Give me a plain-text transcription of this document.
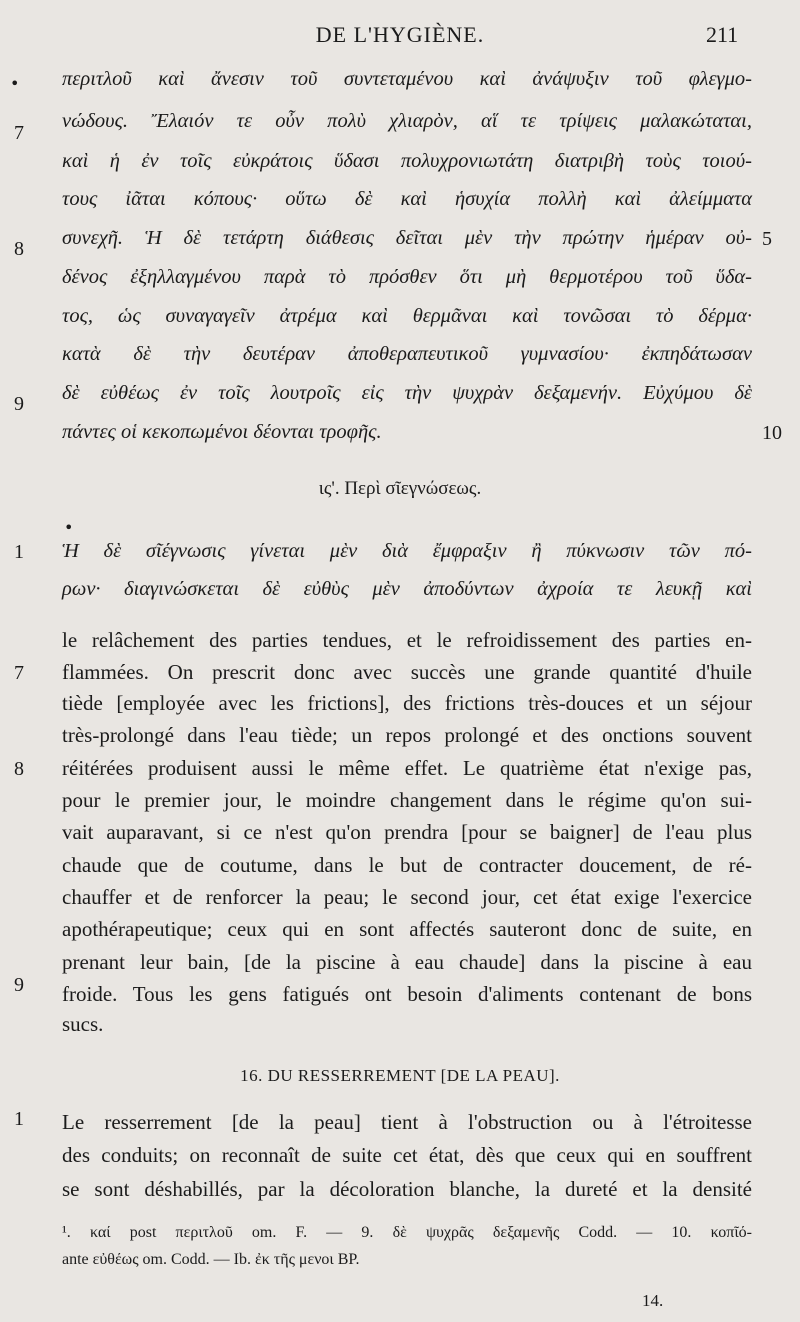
DE L'HYGIÈNE.	211
• περιτλοῦ καὶ ἄνεσιν τοῦ συντεταμένου καὶ ἀνάψυξιν τοῦ φλεγμο-
νώδους. Ἔλαιόν τε οὖν πολὺ χλιαρὸν, αἵ τε τρίψεις μαλακώταται,
καὶ ἡ ἐν τοῖς εὐκράτοις ὕδασι πολυχρονιωτάτη διατριβὴ τοὺς τοιού-
τους ἰᾶται κόπους· οὕτω δὲ καὶ ἡσυχία πολλὴ καὶ ἀλείμματα
συνεχῆ. Ἡ δὲ τετάρτη διάθεσις δεῖται μὲν τὴν πρώτην ἡμέραν οὐ-
δένος ἐξηλλαγμένου παρὰ τὸ πρόσθεν ὅτι μὴ θερμοτέρου τοῦ ὕδα-
τος, ὡς συναγαγεῖν ἀτρέμα καὶ θερμᾶναι καὶ τονῶσαι τὸ δέρμα·
κατὰ δὲ τὴν δευτέραν ἀποθεραπευτικοῦ γυμνασίου· ἐκπηδάτωσαν
δὲ εὐθέως ἐν τοῖς λουτροῖς εἰς τὴν ψυχρὰν δεξαμενήν. Εὐχύμου δὲ
πάντες οἱ κεκοπωμένοι δέονται τροφῆς.
7
8
9
5
10
ις'. Περὶ σῖεγνώσεως.
•
Ἡ δὲ σῖέγνωσις γίνεται μὲν διὰ ἔμφραξιν ἢ πύκνωσιν τῶν πό-
ρων· διαγινώσκεται δὲ εὐθὺς μὲν ἀποδύντων ἀχροία τε λευκῇ καὶ
1
le relâchement des parties tendues, et le refroidissement des parties en-
flammées. On prescrit donc avec succès une grande quantité d'huile
tiède [employée avec les frictions], des frictions très-douces et un séjour
très-prolongé dans l'eau tiède; un repos prolongé et des onctions souvent
réitérées produisent aussi le même effet. Le quatrième état n'exige pas,
pour le premier jour, le moindre changement dans le régime qu'on sui-
vait auparavant, si ce n'est qu'on prendra [pour se baigner] de l'eau plus
chaude que de coutume, dans le but de contracter doucement, de ré-
chauffer et de renforcer la peau; le second jour, cet état exige l'exercice
apothérapeutique; ceux qui en sont affectés sauteront donc de suite, en
prenant leur bain, [de la piscine à eau chaude] dans la piscine à eau
froide. Tous les gens fatigués ont besoin d'aliments contenant de bons
sucs.
7
8
9
16. DU RESSERREMENT [DE LA PEAU].
Le resserrement [de la peau] tient à l'obstruction ou à l'étroitesse
des conduits; on reconnaît de suite cet état, dès que ceux qui en souffrent
se sont déshabillés, par la décoloration blanche, la dureté et la densité
1
¹. καί post περιτλοῦ om. F. — 9. δὲ ψυχρᾶς δεξαμενῆς Codd. — 10. κοπῖό-
ante εὐθέως om. Codd. — Ib. ἐκ τῆς μενοι BP.
14.
